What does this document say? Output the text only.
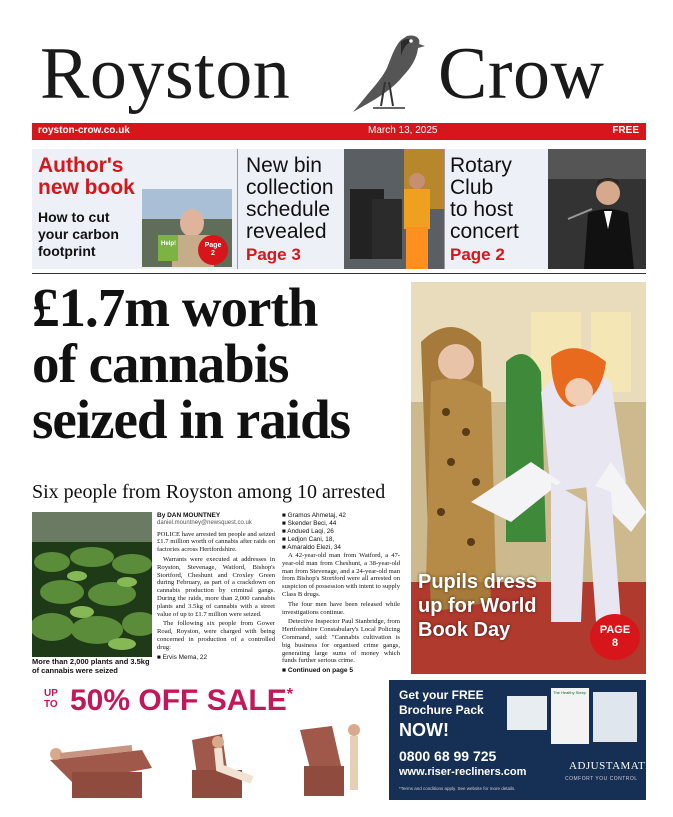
Royston Crow
royston-crow.co.uk	March 13, 2025	FREE
Author's
new book
How to cut
your carbon
footprint	Help!	Page
2
New bin
collection
schedule
revealed
Page 3
Rotary
Club
to host
concert
Page 2
£1.7m worth
of cannabis
seized in raids
Six people from Royston among 10 arrested
More than 2,000 plants and 3.5kg of cannabis were seized
By DAN MOUNTNEY
daniel.mountney@newsquest.co.uk

POLICE have arrested ten people and seized £1.7 million worth of cannabis after raids on factories across Hertfordshire.

Warrants were executed at addresses in Royston, Stevenage, Watford, Bishop's Stortford, Cheshunt and Croxley Green during February, as part of a crackdown on cannabis production by criminal gangs. During the raids, more than 2,000 cannabis plants and 3.5kg of cannabis with a street value of up to £1.7 million were seized.

The following six people from Gower Road, Royston, were charged with being concerned in production of a controlled drug:

■ Ervis Mema, 22
■ Gramos Ahmetaj, 42
■ Skender Beci, 44
■ Andued Laqi, 26
■ Ledjon Cani, 18,
■ Amaraldo Elezi, 34

A 42-year-old man from Watford, a 47-year-old man from Cheshunt, a 38-year-old man from Stevenage, and a 24-year-old man from Bishop's Stortford were all arrested on suspicion of possession with intent to supply Class B drugs.

The four men have been released while investigations continue.

Detective Inspector Paul Stanbridge, from Hertfordshire Constabulary's Local Policing Command, said: "Cannabis cultivation is big business for organised crime gangs, generating large sums of money which funds further serious crime.

■ Continued on page 5
Pupils dress
up for World
Book Day	PAGE
8
UP
TO 50% OFF SALE*	Get your FREE
Brochure Pack
NOW!
0800 68 99 725
www.riser-recliners.com
*Terms and conditions apply. See website for more details.
The Healthy Sleep
ADJUSTAMATIC
COMFORT YOU CONTROL
